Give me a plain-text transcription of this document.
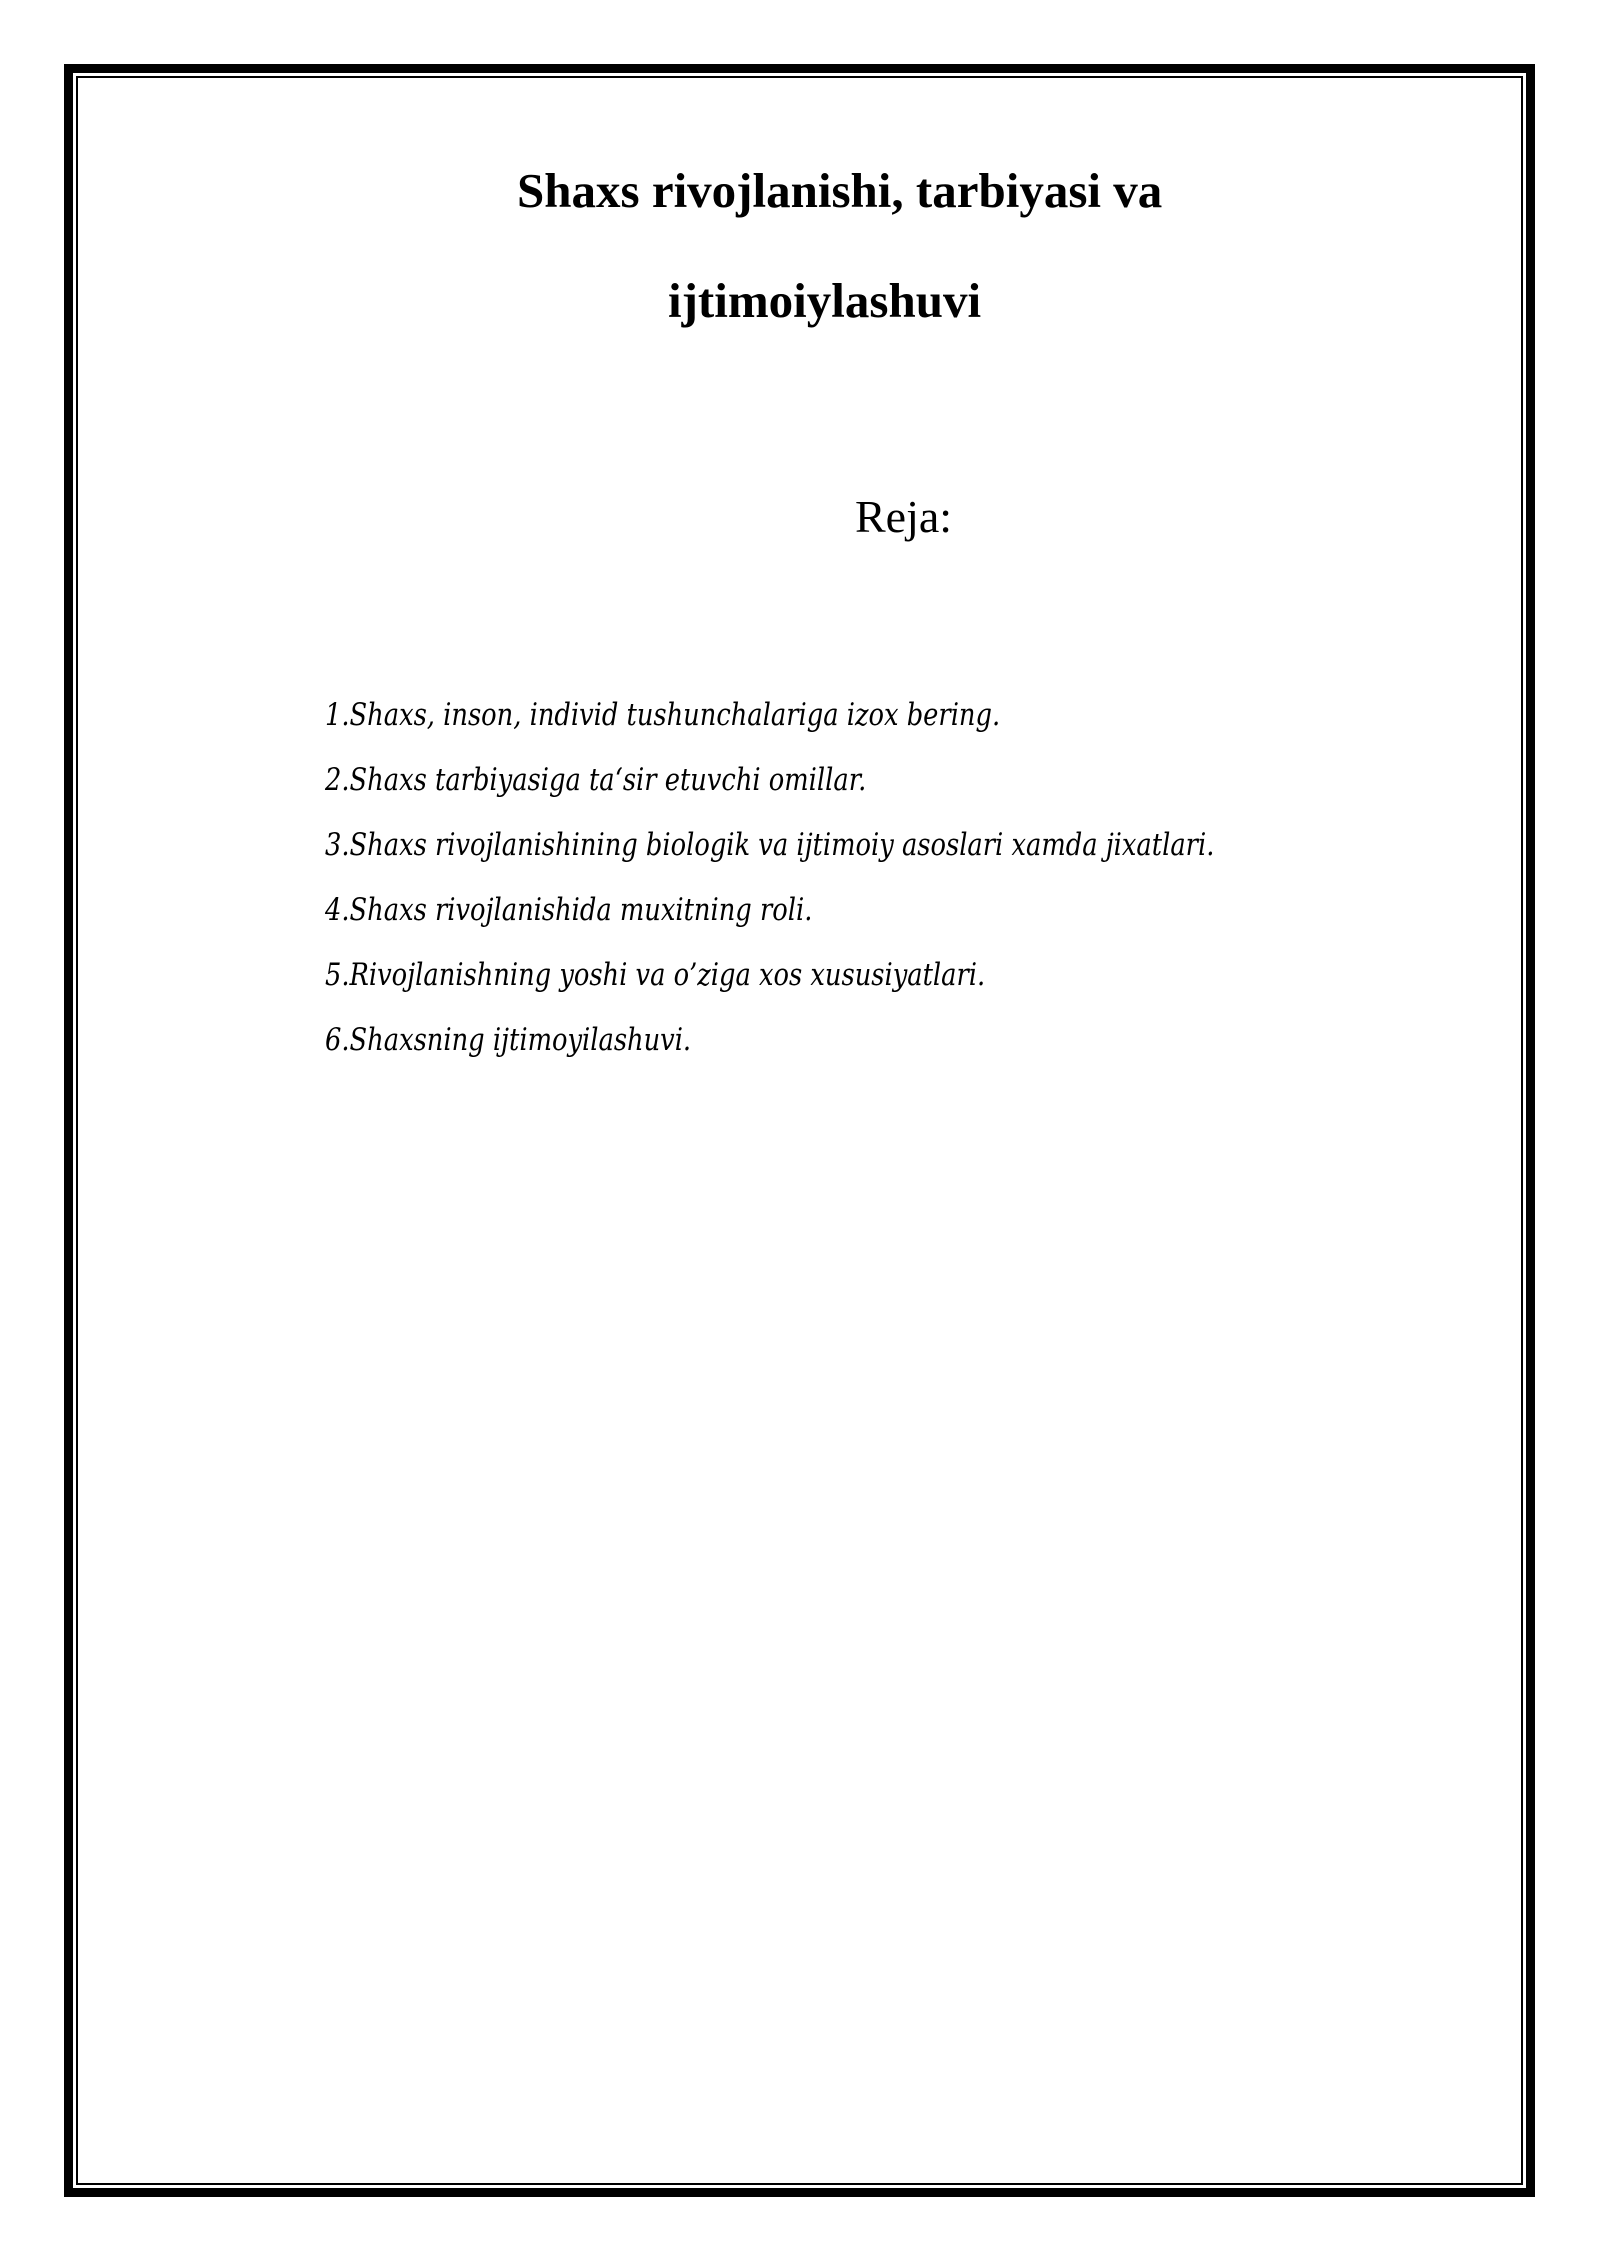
Shaxs rivojlanishi, tarbiyasi va
ijtimoiylashuvi
Reja:
1.Shaxs, inson, individ tushunchalariga izox bering.
2.Shaxs tarbiyasiga ta‘sir etuvchi omillar.
3.Shaxs rivojlanishining biologik va ijtimoiy asoslari xamda jixatlari.
4.Shaxs rivojlanishida muxitning roli.
5.Rivojlanishning yoshi va o’ziga xos xususiyatlari.
6.Shaxsning ijtimoyilashuvi.
